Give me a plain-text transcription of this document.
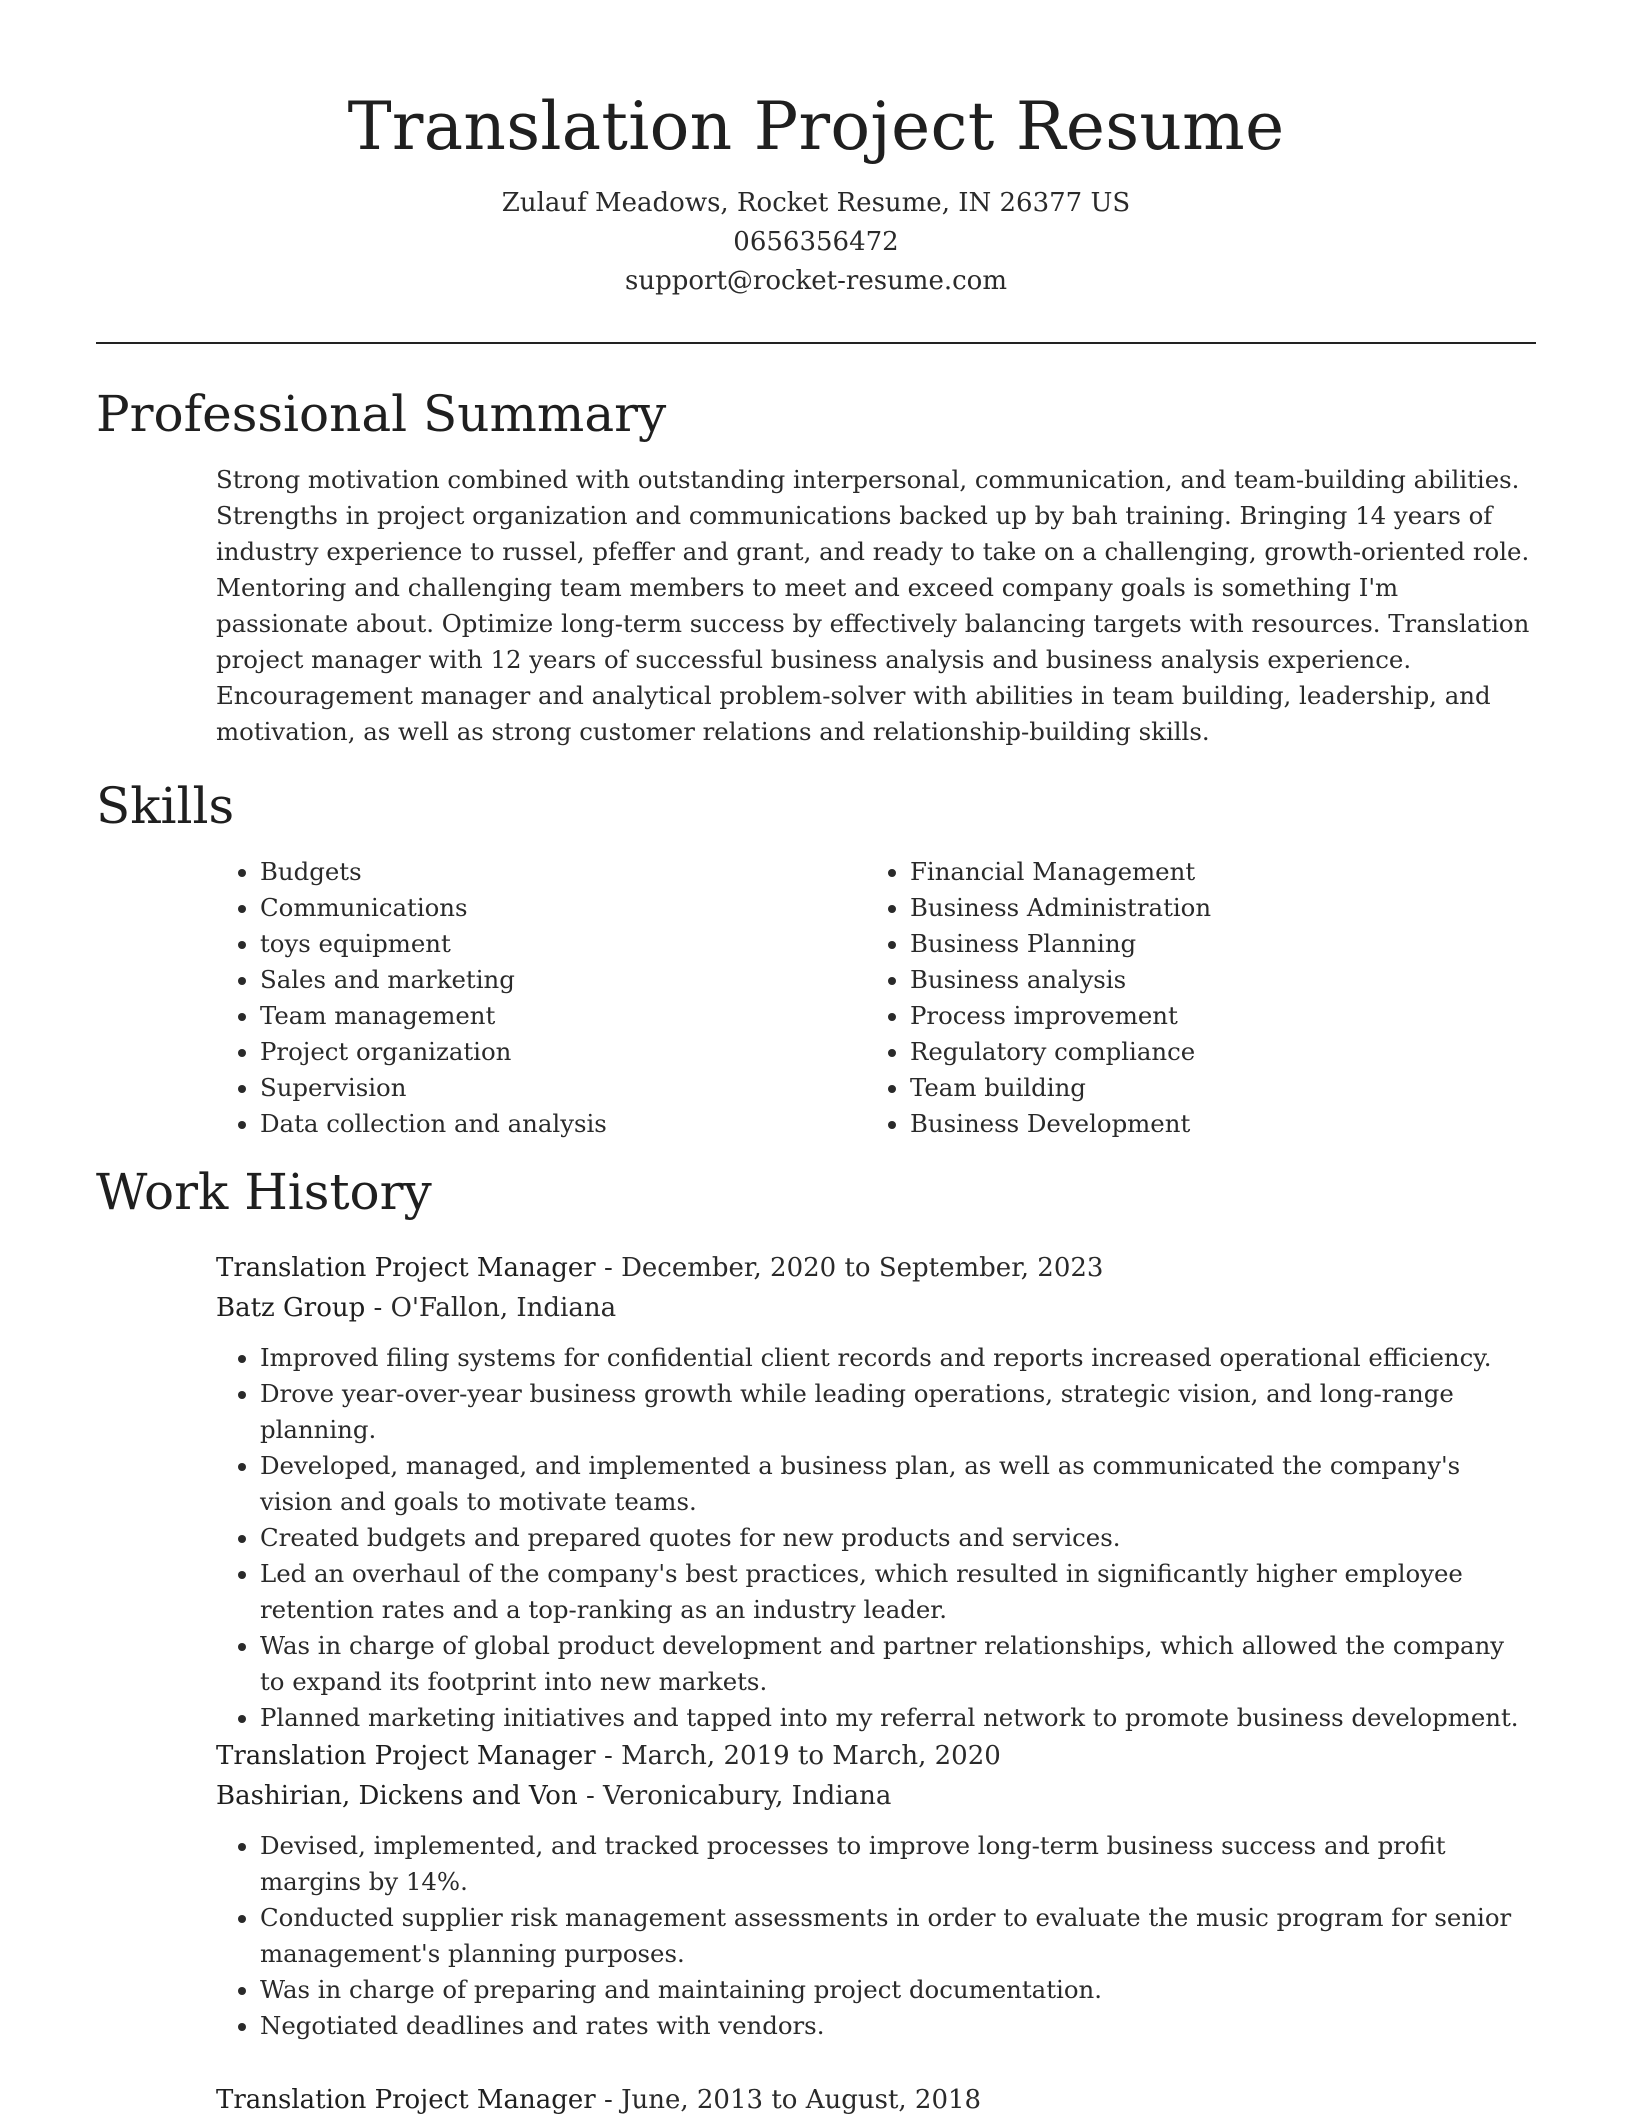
Translation Project Resume
Zulauf Meadows, Rocket Resume, IN 26377 US
0656356472
support@rocket-resume.com
Professional Summary

Strong motivation combined with outstanding interpersonal, communication, and team-building abilities. Strengths in project organization and communications backed up by bah training. Bringing 14 years of industry experience to russel, pfeffer and grant, and ready to take on a challenging, growth-oriented role. Mentoring and challenging team members to meet and exceed company goals is something I'm passionate about. Optimize long-term success by effectively balancing targets with resources. Translation project manager with 12 years of successful business analysis and business analysis experience. Encouragement manager and analytical problem-solver with abilities in team building, leadership, and motivation, as well as strong customer relations and relationship-building skills.

Skills
• Budgets
• Communications
• toys equipment
• Sales and marketing
• Team management
• Project organization
• Supervision
• Data collection and analysis
• Financial Management
• Business Administration
• Business Planning
• Business analysis
• Process improvement
• Regulatory compliance
• Team building
• Business Development
Work History
Translation Project Manager - December, 2020 to September, 2023
Batz Group - O'Fallon, Indiana
• Improved filing systems for confidential client records and reports increased operational efficiency.
• Drove year-over-year business growth while leading operations, strategic vision, and long-range planning.
• Developed, managed, and implemented a business plan, as well as communicated the company's vision and goals to motivate teams.
• Created budgets and prepared quotes for new products and services.
• Led an overhaul of the company's best practices, which resulted in significantly higher employee retention rates and a top-ranking as an industry leader.
• Was in charge of global product development and partner relationships, which allowed the company to expand its footprint into new markets.
• Planned marketing initiatives and tapped into my referral network to promote business development.
Translation Project Manager - March, 2019 to March, 2020
Bashirian, Dickens and Von - Veronicabury, Indiana
• Devised, implemented, and tracked processes to improve long-term business success and profit margins by 14%.
• Conducted supplier risk management assessments in order to evaluate the music program for senior management's planning purposes.
• Was in charge of preparing and maintaining project documentation.
• Negotiated deadlines and rates with vendors.
Translation Project Manager - June, 2013 to August, 2018
